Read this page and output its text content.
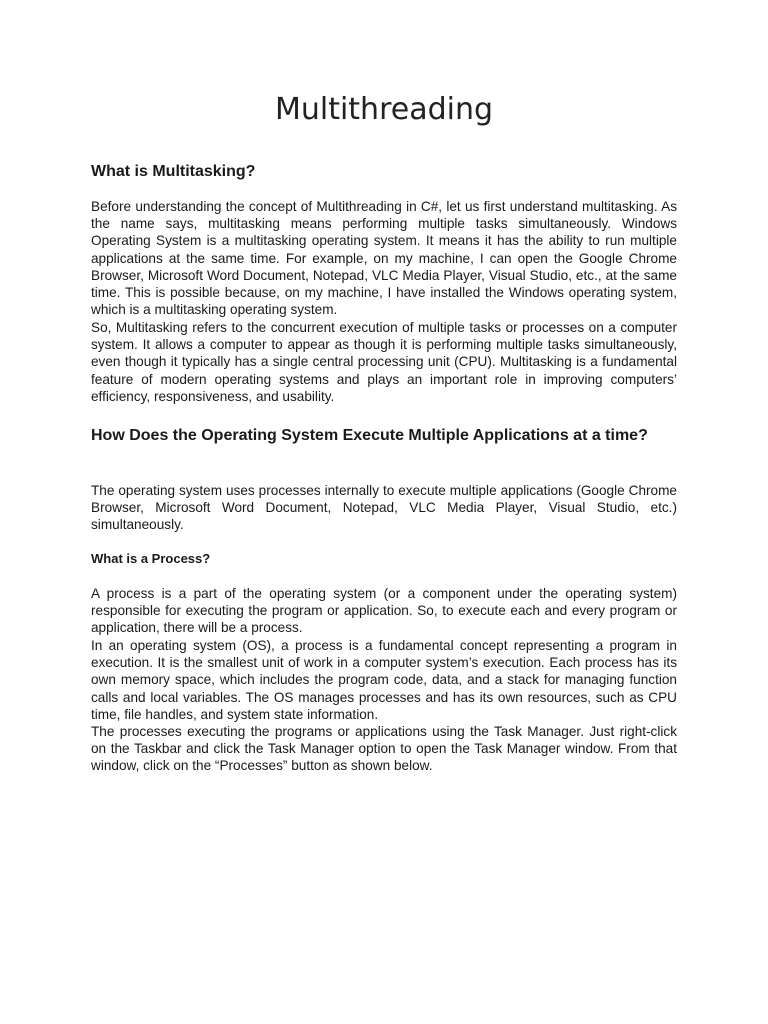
Multithreading
What is Multitasking?

Before understanding the concept of Multithreading in C#, let us first understand multitasking. As the name says, multitasking means performing multiple tasks simultaneously. Windows Operating System is a multitasking operating system. It means it has the ability to run multiple applications at the same time. For example, on my machine, I can open the Google Chrome Browser, Microsoft Word Document, Notepad, VLC Media Player, Visual Studio, etc., at the same time. This is possible because, on my machine, I have installed the Windows operating system, which is a multitasking operating system.

So, Multitasking refers to the concurrent execution of multiple tasks or processes on a computer system. It allows a computer to appear as though it is performing multiple tasks simultaneously, even though it typically has a single central processing unit (CPU). Multitasking is a fundamental feature of modern operating systems and plays an important role in improving computers’ efficiency, responsiveness, and usability.

How Does the Operating System Execute Multiple Applications at a time?

The operating system uses processes internally to execute multiple applications (Google Chrome Browser, Microsoft Word Document, Notepad, VLC Media Player, Visual Studio, etc.) simultaneously.

What is a Process?

A process is a part of the operating system (or a component under the operating system) responsible for executing the program or application. So, to execute each and every program or application, there will be a process.

In an operating system (OS), a process is a fundamental concept representing a program in execution. It is the smallest unit of work in a computer system’s execution. Each process has its own memory space, which includes the program code, data, and a stack for managing function calls and local variables. The OS manages processes and has its own resources, such as CPU time, file handles, and system state information.

The processes executing the programs or applications using the Task Manager. Just right-click on the Taskbar and click the Task Manager option to open the Task Manager window. From that window, click on the “Processes” button as shown below.
